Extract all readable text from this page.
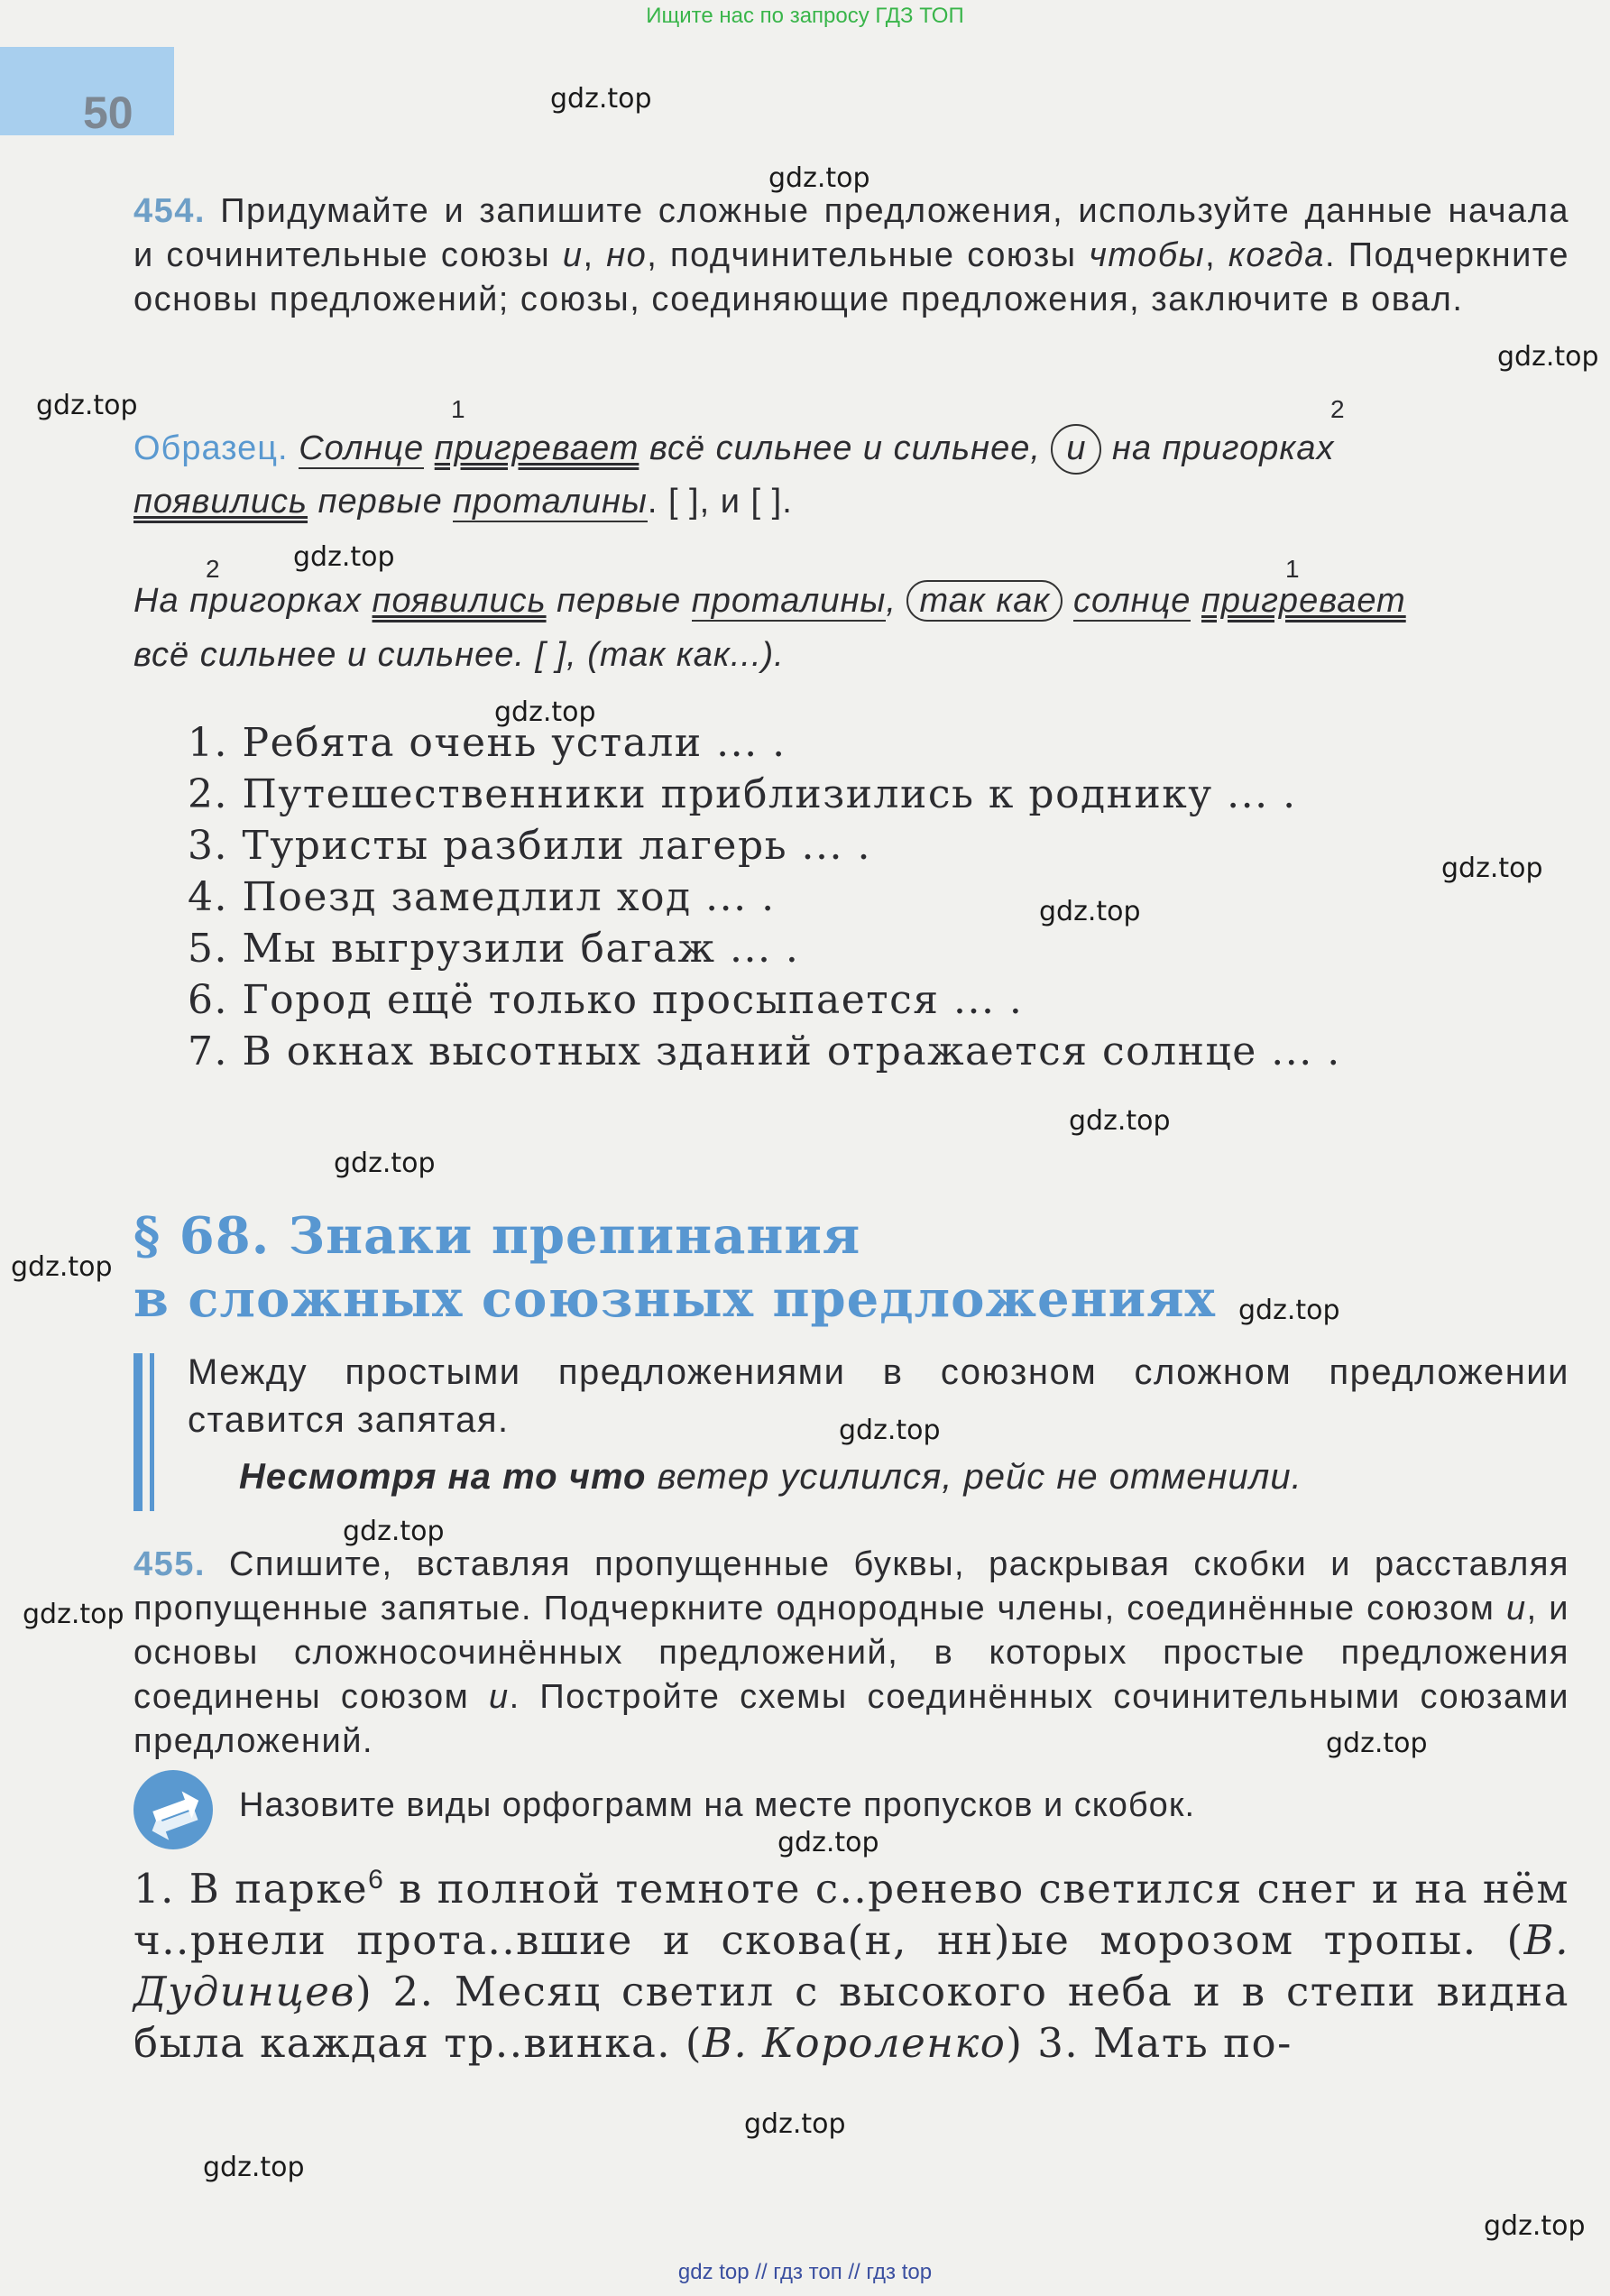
Ищите нас по запросу ГДЗ ТОП
gdz top // гдз топ // гдз top
50
454. Придумайте и запишите сложные предложения, используйте данные начала и сочинительные союзы и, но, подчинительные союзы чтобы, когда. Подчеркните основы предложений; союзы, соединяющие предложения, заключите в овал.
1	2
Образец. Солнце пригревает всё сильнее и сильнее, и на пригорках
появились первые проталины. [ ], и [ ].
2	1
На пригорках появились первые проталины, так как солнце пригревает
всё сильнее и сильнее. [ ], (так как...).
1. Ребята очень устали ... .
2. Путешественники приблизились к роднику ... .
3. Туристы разбили лагерь ... .
4. Поезд замедлил ход ... .
5. Мы выгрузили багаж ... .
6. Город ещё только просыпается ... .
7. В окнах высотных зданий отражается солнце ... .
§ 68. Знаки препинания
в сложных союзных предложениях
Между простыми предложениями в союзном сложном предложении ставится запятая.
Несмотря на то что ветер усилился, рейс не отменили.
455. Спишите, вставляя пропущенные буквы, раскрывая скобки и расставляя пропущенные запятые. Подчеркните однородные члены, соединённые союзом и, и основы сложносочинённых предложений, в которых простые предложения соединены союзом и. Постройте схемы соединённых сочинительными союзами предложений.
Назовите виды орфограмм на месте пропусков и скобок.
1. В парке$^6$ в полной темноте с..ренево светился снег и на нём ч..рнели прота..вшие и скова(н, нн)ые морозом тропы. (В. Дудинцев) 2. Месяц светил с высокого неба и в степи видна была каждая тр..винка. (В. Короленко) 3. Мать по-
gdz.top
gdz.top
gdz.top
gdz.top
gdz.top
gdz.top
gdz.top
gdz.top
gdz.top
gdz.top
gdz.top
gdz.top
gdz.top
gdz.top
gdz.top
gdz.top
gdz.top
gdz.top
gdz.top
gdz.top
